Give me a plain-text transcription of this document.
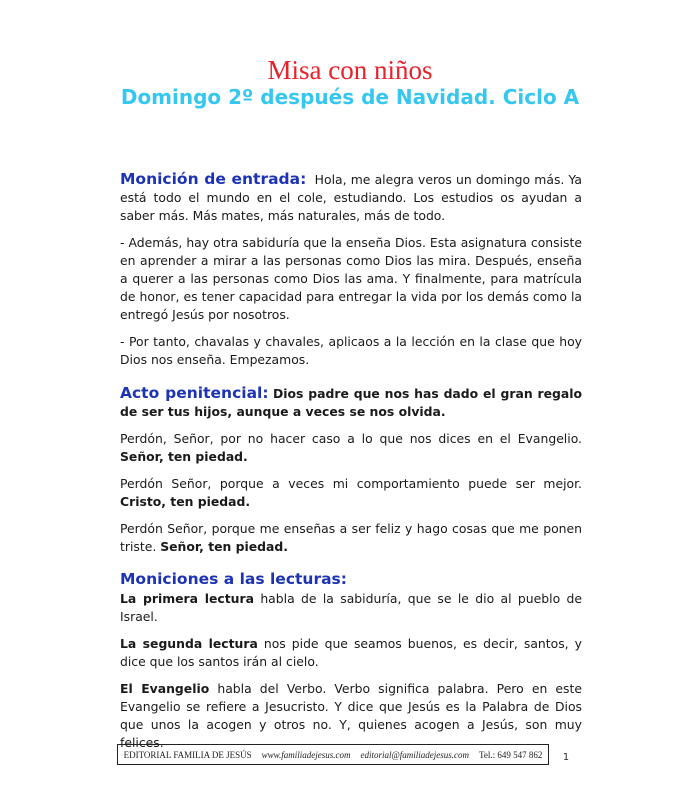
Misa con niños
Domingo 2º después de Navidad. Ciclo A

Monición de entrada: Hola, me alegra veros un domingo más. Ya está todo el mundo en el cole, estudiando. Los estudios os ayudan a saber más. Más mates, más naturales, más de todo.

- Además, hay otra sabiduría que la enseña Dios. Esta asignatura consiste en aprender a mirar a las personas como Dios las mira. Después, enseña a querer a las personas como Dios las ama. Y finalmente, para matrícula de honor, es tener capacidad para entregar la vida por los demás como la entregó Jesús por nosotros.

- Por tanto, chavalas y chavales, aplicaos a la lección en la clase que hoy Dios nos enseña. Empezamos.

Acto penitencial: Dios padre que nos has dado el gran regalo de ser tus hijos, aunque a veces se nos olvida.

Perdón, Señor, por no hacer caso a lo que nos dices en el Evangelio. Señor, ten piedad.

Perdón Señor, porque a veces mi comportamiento puede ser mejor. Cristo, ten piedad.

Perdón Señor, porque me enseñas a ser feliz y hago cosas que me ponen triste. Señor, ten piedad.

Moniciones a las lecturas:

La primera lectura habla de la sabiduría, que se le dio al pueblo de Israel.

La segunda lectura nos pide que seamos buenos, es decir, santos, y dice que los santos irán al cielo.

El Evangelio habla del Verbo. Verbo significa palabra. Pero en este Evangelio se refiere a Jesucristo. Y dice que Jesús es la Palabra de Dios que unos la acogen y otros no. Y, quienes acogen a Jesús, son muy felices.

EDITORIAL FAMILIA DE JESÚS www.familiadejesus.com editorial@familiadejesus.com Tel.: 649 547 862 1
